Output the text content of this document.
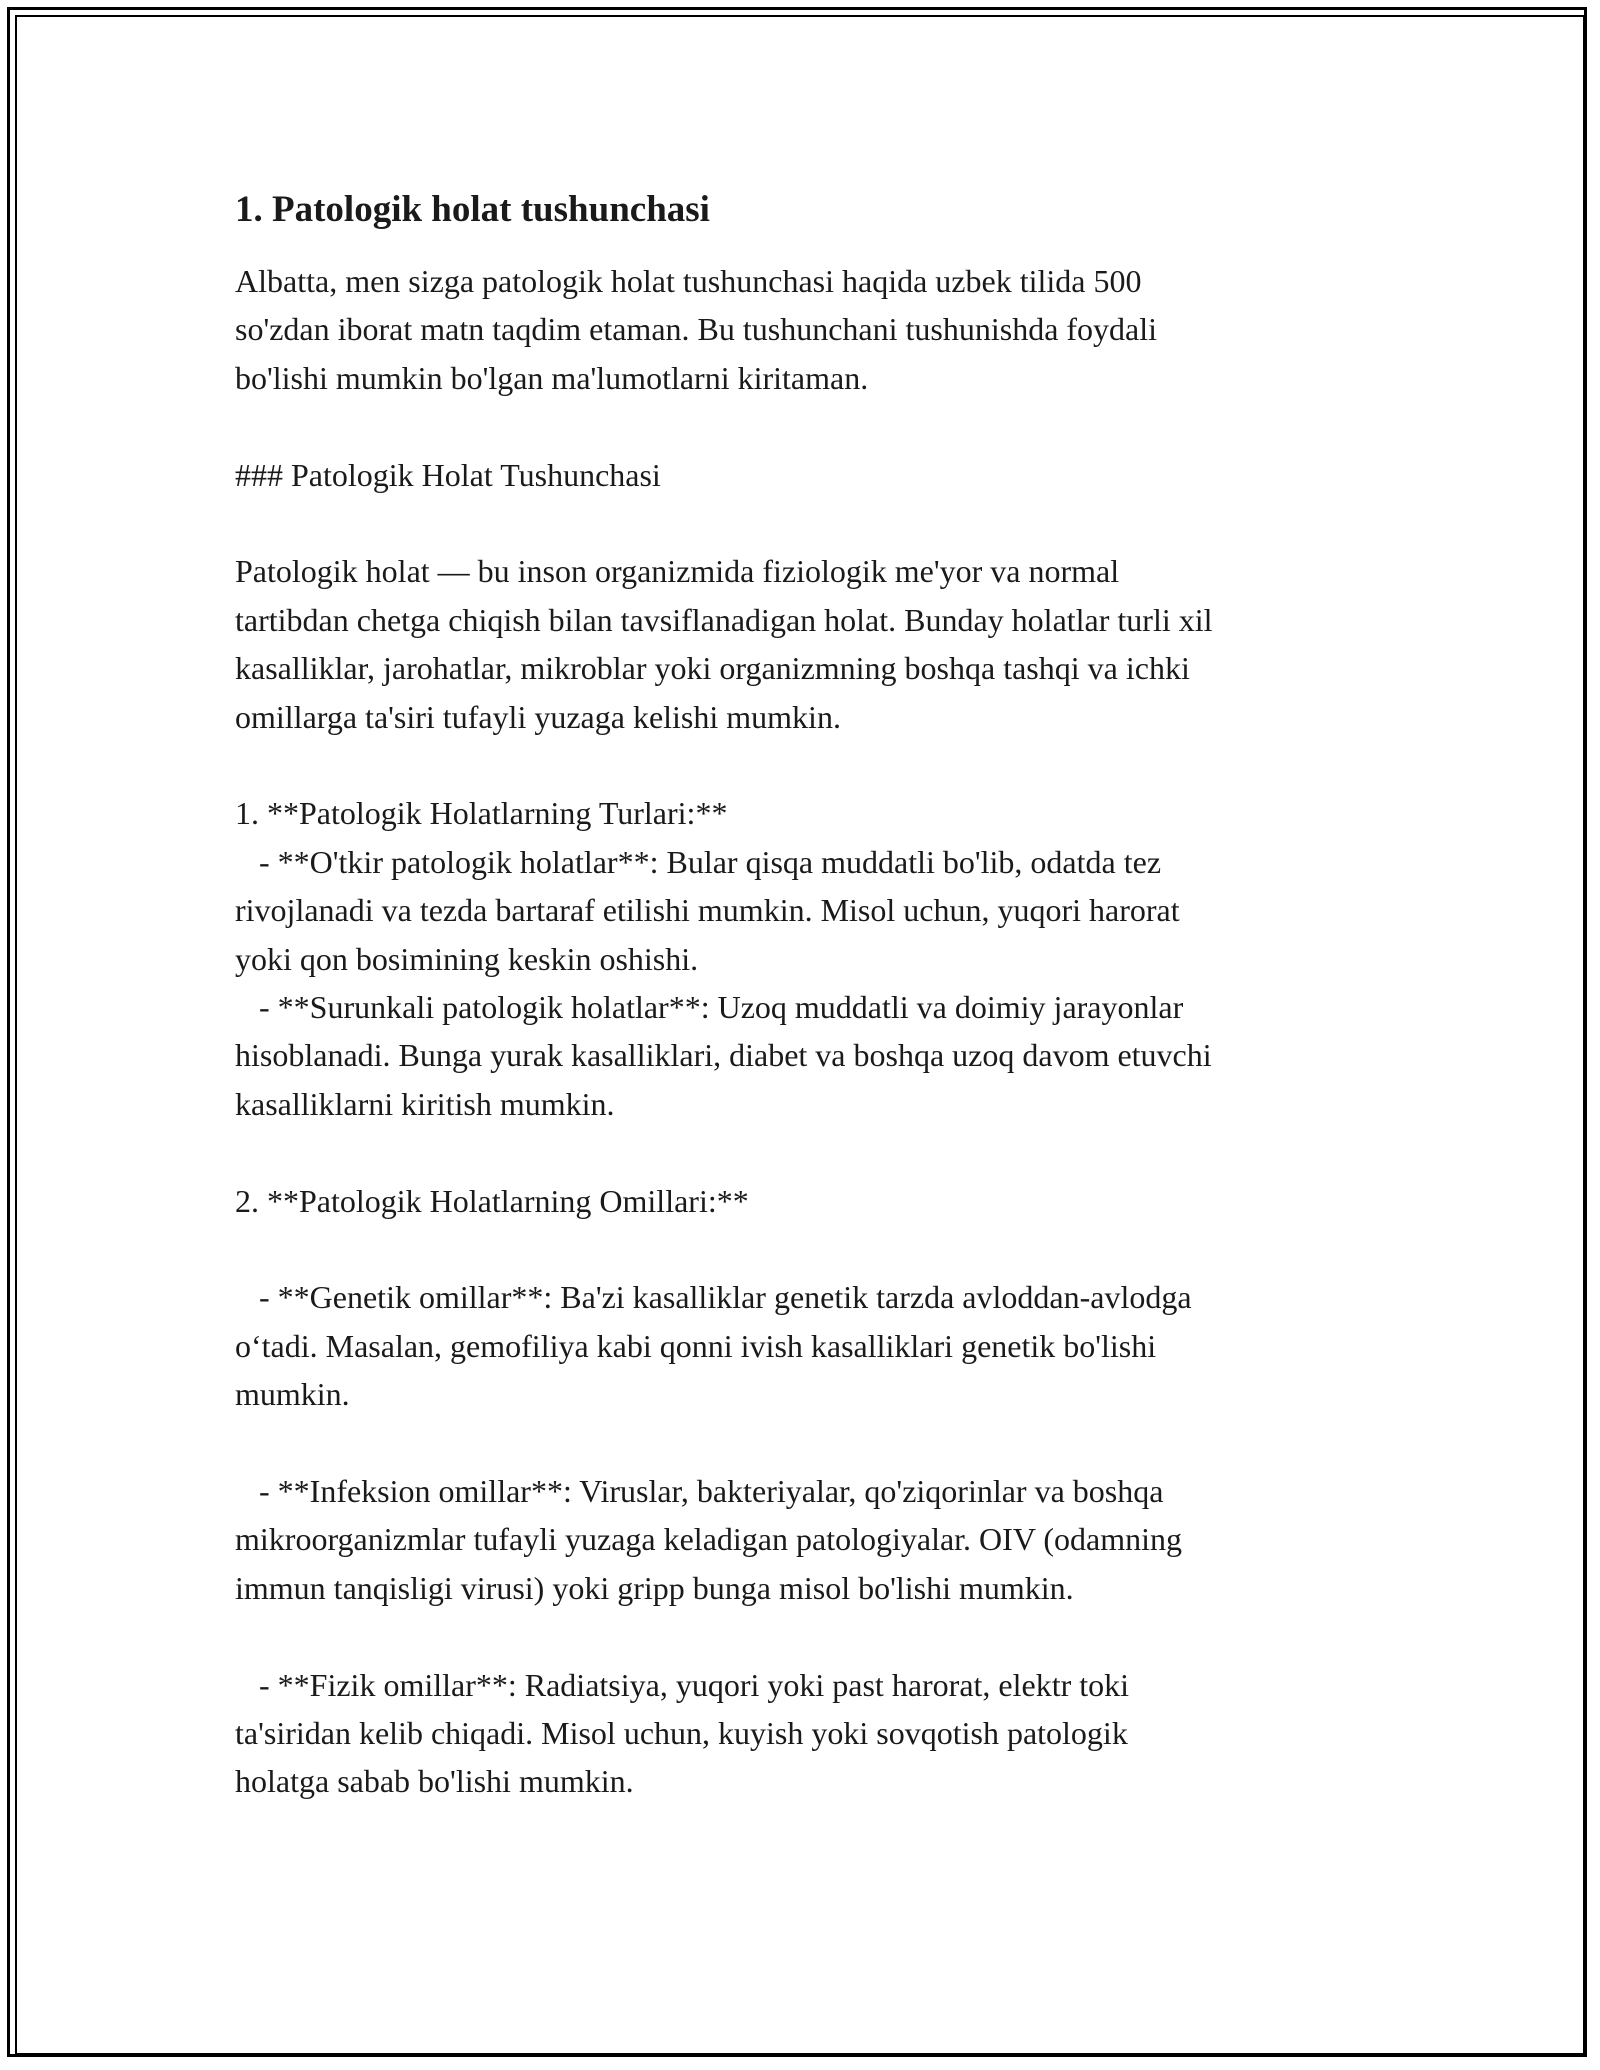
1. Patologik holat tushunchasi

Albatta, men sizga patologik holat tushunchasi haqida uzbek tilida 500
so'zdan iborat matn taqdim etaman. Bu tushunchani tushunishda foydali
bo'lishi mumkin bo'lgan ma'lumotlarni kiritaman.

### Patologik Holat Tushunchasi

Patologik holat — bu inson organizmida fiziologik me'yor va normal
tartibdan chetga chiqish bilan tavsiflanadigan holat. Bunday holatlar turli xil
kasalliklar, jarohatlar, mikroblar yoki organizmning boshqa tashqi va ichki
omillarga ta'siri tufayli yuzaga kelishi mumkin.

1. **Patologik Holatlarning Turlari:**

- **O'tkir patologik holatlar**: Bular qisqa muddatli bo'lib, odatda tez
rivojlanadi va tezda bartaraf etilishi mumkin. Misol uchun, yuqori harorat
yoki qon bosimining keskin oshishi.

- **Surunkali patologik holatlar**: Uzoq muddatli va doimiy jarayonlar
hisoblanadi. Bunga yurak kasalliklari, diabet va boshqa uzoq davom etuvchi
kasalliklarni kiritish mumkin.

2. **Patologik Holatlarning Omillari:**

- **Genetik omillar**: Ba'zi kasalliklar genetik tarzda avloddan-avlodga
o‘tadi. Masalan, gemofiliya kabi qonni ivish kasalliklari genetik bo'lishi
mumkin.

- **Infeksion omillar**: Viruslar, bakteriyalar, qo'ziqorinlar va boshqa
mikroorganizmlar tufayli yuzaga keladigan patologiyalar. OIV (odamning
immun tanqisligi virusi) yoki gripp bunga misol bo'lishi mumkin.

- **Fizik omillar**: Radiatsiya, yuqori yoki past harorat, elektr toki
ta'siridan kelib chiqadi. Misol uchun, kuyish yoki sovqotish patologik
holatga sabab bo'lishi mumkin.
